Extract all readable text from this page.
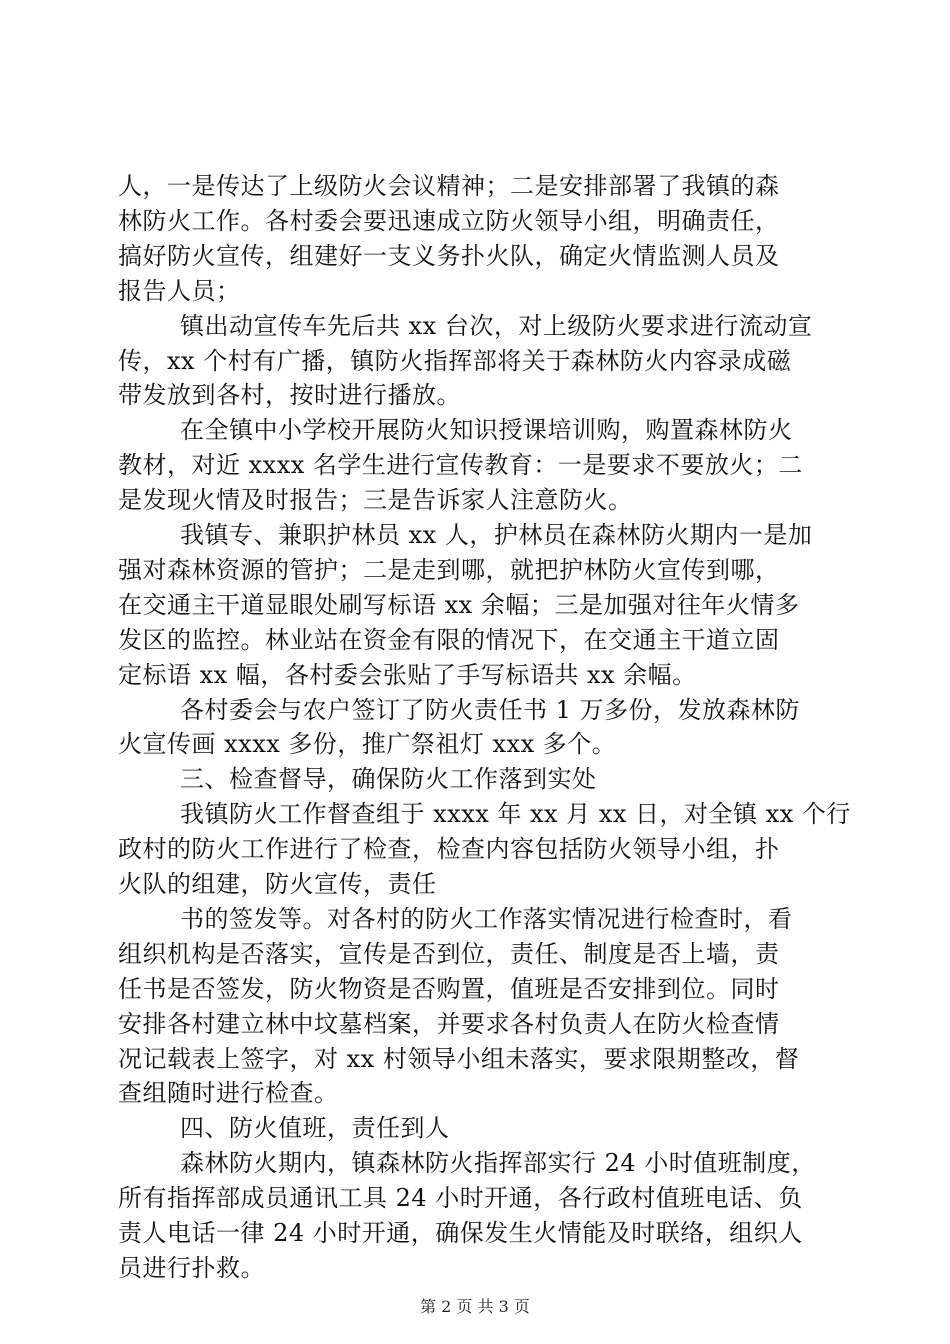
人，一是传达了上级防火会议精神；二是安排部署了我镇的森
林防火工作。各村委会要迅速成立防火领导小组，明确责任，
搞好防火宣传，组建好一支义务扑火队，确定火情监测人员及
报告人员；
镇出动宣传车先后共 xx 台次，对上级防火要求进行流动宣
传，xx 个村有广播，镇防火指挥部将关于森林防火内容录成磁
带发放到各村，按时进行播放。
在全镇中小学校开展防火知识授课培训购，购置森林防火
教材，对近 xxxx 名学生进行宣传教育：一是要求不要放火；二
是发现火情及时报告；三是告诉家人注意防火。
我镇专、兼职护林员 xx 人，护林员在森林防火期内一是加
强对森林资源的管护；二是走到哪，就把护林防火宣传到哪，
在交通主干道显眼处刷写标语 xx 余幅；三是加强对往年火情多
发区的监控。林业站在资金有限的情况下，在交通主干道立固
定标语 xx 幅，各村委会张贴了手写标语共 xx 余幅。
各村委会与农户签订了防火责任书 1 万多份，发放森林防
火宣传画 xxxx 多份，推广祭祖灯 xxx 多个。
三、检查督导，确保防火工作落到实处
我镇防火工作督查组于 xxxx 年 xx 月 xx 日，对全镇 xx 个行
政村的防火工作进行了检查，检查内容包括防火领导小组，扑
火队的组建，防火宣传，责任
书的签发等。对各村的防火工作落实情况进行检查时，看
组织机构是否落实，宣传是否到位，责任、制度是否上墙，责
任书是否签发，防火物资是否购置，值班是否安排到位。同时
安排各村建立林中坟墓档案，并要求各村负责人在防火检查情
况记载表上签字，对 xx 村领导小组未落实，要求限期整改，督
查组随时进行检查。
四、防火值班，责任到人
森林防火期内，镇森林防火指挥部实行 24 小时值班制度，
所有指挥部成员通讯工具 24 小时开通，各行政村值班电话、负
责人电话一律 24 小时开通，确保发生火情能及时联络，组织人
员进行扑救。
第 2 页 共 3 页
